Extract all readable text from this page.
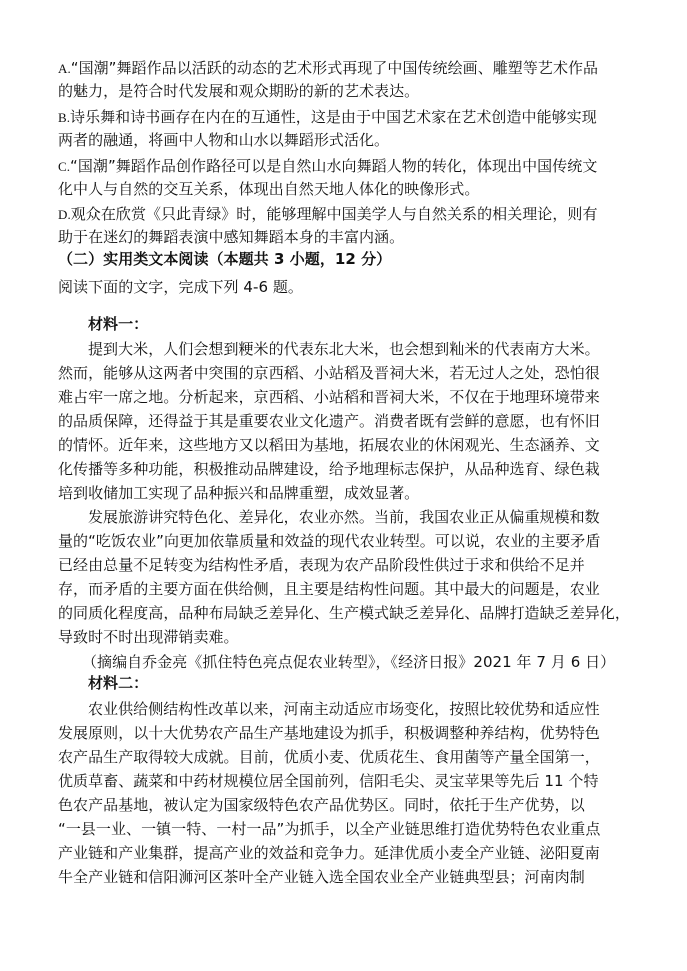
A.“国潮”舞蹈作品以活跃的动态的艺术形式再现了中国传统绘画、雕塑等艺术作品
的魅力，是符合时代发展和观众期盼的新的艺术表达。
B.诗乐舞和诗书画存在内在的互通性，这是由于中国艺术家在艺术创造中能够实现
两者的融通，将画中人物和山水以舞蹈形式活化。
C.“国潮”舞蹈作品创作路径可以是自然山水向舞蹈人物的转化，体现出中国传统文
化中人与自然的交互关系，体现出自然天地人体化的映像形式。
D.观众在欣赏《只此青绿》时，能够理解中国美学人与自然关系的相关理论，则有
助于在迷幻的舞蹈表演中感知舞蹈本身的丰富内涵。
（二）实用类文本阅读（本题共 3 小题，12 分）
阅读下面的文字，完成下列 4-6 题。
材料一：
提到大米，人们会想到粳米的代表东北大米，也会想到籼米的代表南方大米。
然而，能够从这两者中突围的京西稻、小站稻及晋祠大米，若无过人之处，恐怕很
难占牢一席之地。分析起来，京西稻、小站稻和晋祠大米，不仅在于地理环境带来
的品质保障，还得益于其是重要农业文化遗产。消费者既有尝鲜的意愿，也有怀旧
的情怀。近年来，这些地方又以稻田为基地，拓展农业的休闲观光、生态涵养、文
化传播等多种功能，积极推动品牌建设，给予地理标志保护，从品种选育、绿色栽
培到收储加工实现了品种振兴和品牌重塑，成效显著。
发展旅游讲究特色化、差异化，农业亦然。当前，我国农业正从偏重规模和数
量的“吃饭农业”向更加依靠质量和效益的现代农业转型。可以说，农业的主要矛盾
已经由总量不足转变为结构性矛盾，表现为农产品阶段性供过于求和供给不足并
存，而矛盾的主要方面在供给侧，且主要是结构性问题。其中最大的问题是，农业
的同质化程度高，品种布局缺乏差异化、生产模式缺乏差异化、品牌打造缺乏差异化，
导致时不时出现滞销卖难。
（摘编自乔金亮《抓住特色亮点促农业转型》，《经济日报》2021 年 7 月 6 日）
材料二：
农业供给侧结构性改革以来，河南主动适应市场变化，按照比较优势和适应性
发展原则，以十大优势农产品生产基地建设为抓手，积极调整种养结构，优势特色
农产品生产取得较大成就。目前，优质小麦、优质花生、食用菌等产量全国第一，
优质草畜、蔬菜和中药材规模位居全国前列，信阳毛尖、灵宝苹果等先后 11 个特
色农产品基地，被认定为国家级特色农产品优势区。同时，依托于生产优势，以
“一县一业、一镇一特、一村一品”为抓手，以全产业链思维打造优势特色农业重点
产业链和产业集群，提高产业的效益和竞争力。延津优质小麦全产业链、泌阳夏南
牛全产业链和信阳浉河区茶叶全产业链入选全国农业全产业链典型县；河南肉制
